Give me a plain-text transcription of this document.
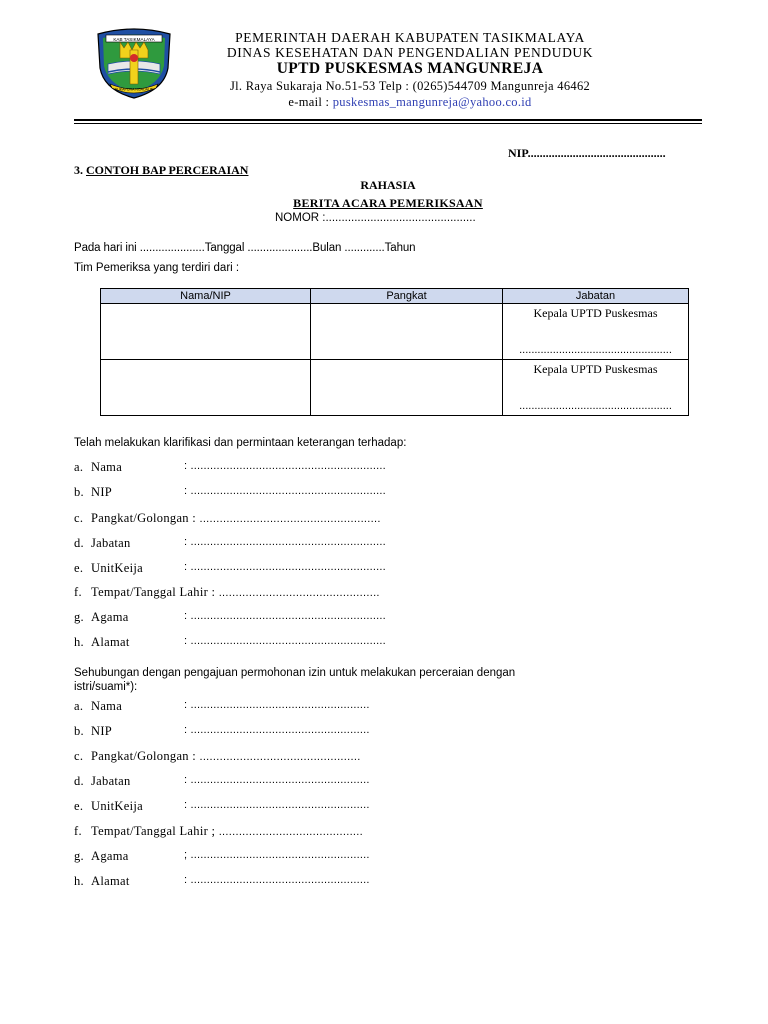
KAB TASIKMALAYA
SUKAPURA NGADAUN
PEMERINTAH DAERAH KABUPATEN TASIKMALAYA
DINAS KESEHATAN DAN PENGENDALIAN PENDUDUK
UPTD PUSKESMAS MANGUNREJA
Jl. Raya Sukaraja No.51-53 Telp : (0265)544709 Mangunreja 46462
e-mail : puskesmas_mangunreja@yahoo.co.id
NIP..............................................
3. CONTOH BAP PERCERAIAN
RAHASIA
BERITA ACARA PEMERIKSAAN
NOMOR :...............................................
Pada hari ini .....................Tanggal .....................Bulan .............Tahun
Tim Pemeriksa yang terdiri dari :
Nama/NIP	Pangkat	Jabatan

		Kepala UPTD Puskesmas
..................................................

		Kepala UPTD Puskesmas
..................................................
Telah melakukan klarifikasi dan permintaan keterangan terhadap:
a. Nama	: ............................................................
b. NIP	: ............................................................
c. Pangkat/Golongan : ......................................................
d. Jabatan	: ............................................................
e. UnitKeija	: ............................................................
f. Tempat/Tanggal Lahir : ................................................
g. Agama	: ............................................................
h. Alamat	: ............................................................
Sehubungan dengan pengajuan permohonan izin untuk melakukan perceraian dengan
istri/suami*):
a. Nama	: .......................................................
b. NIP	: .......................................................
c. Pangkat/Golongan : ................................................
d. Jabatan	: .......................................................
e. UnitKeija	: .......................................................
f. Tempat/Tanggal Lahir ; ...........................................
g. Agama	; .......................................................
h. Alamat	: .......................................................
